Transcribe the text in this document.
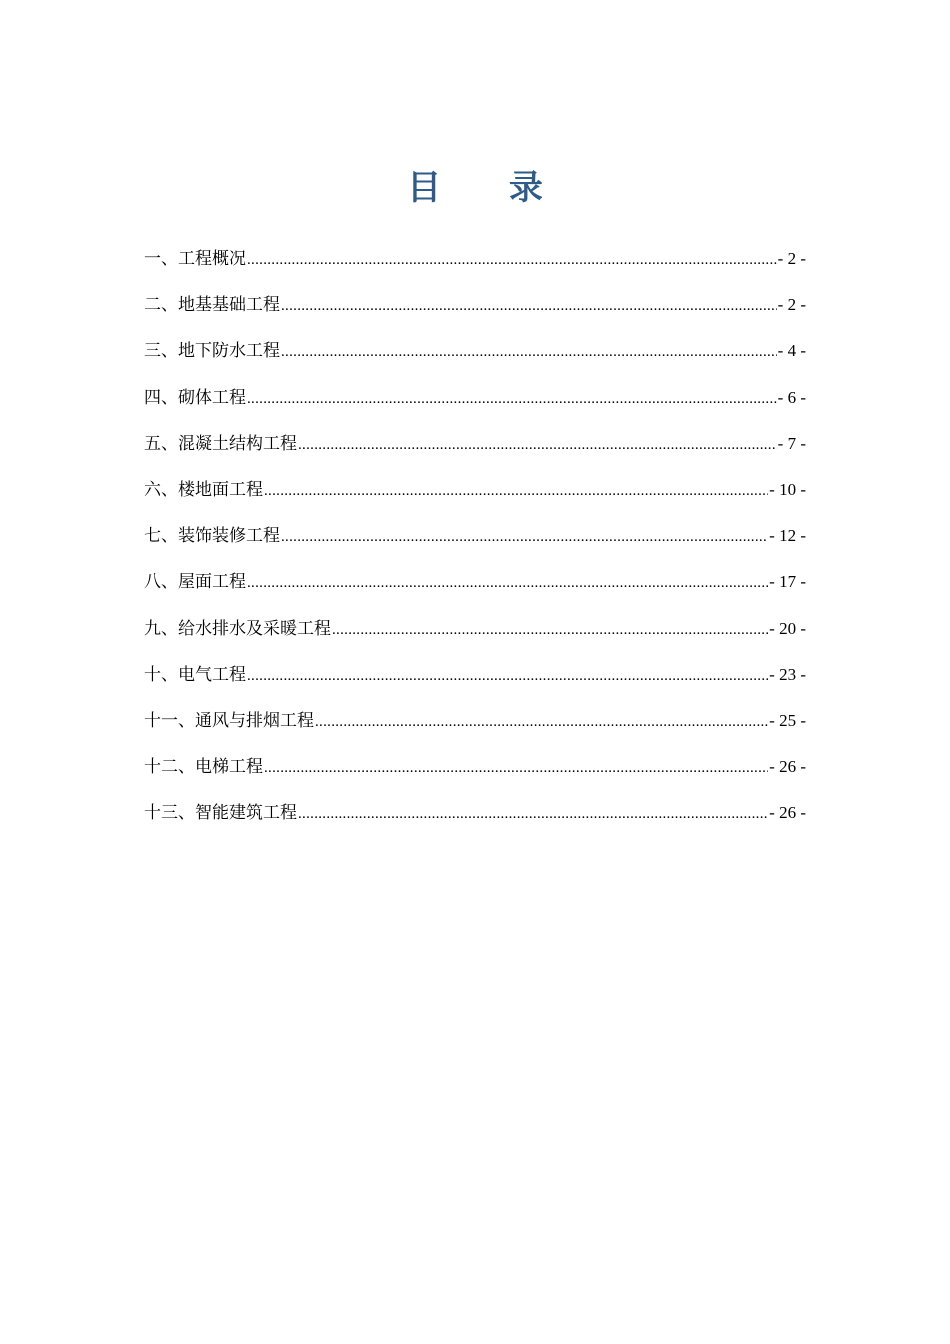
目 录
一、工程概况 .....	- 2 -
二、地基基础工程 .....	- 2 -
三、地下防水工程 .....	- 4 -
四、砌体工程 .....	- 6 -
五、混凝土结构工程 .....	- 7 -
六、楼地面工程 .....	- 10 -
七、装饰装修工程 .....	- 12 -
八、屋面工程 .....	- 17 -
九、给水排水及采暖工程 .....	- 20 -
十、电气工程 .....	- 23 -
十一、通风与排烟工程 .....	- 25 -
十二、电梯工程 .....	- 26 -
十三、智能建筑工程 .....	- 26 -
